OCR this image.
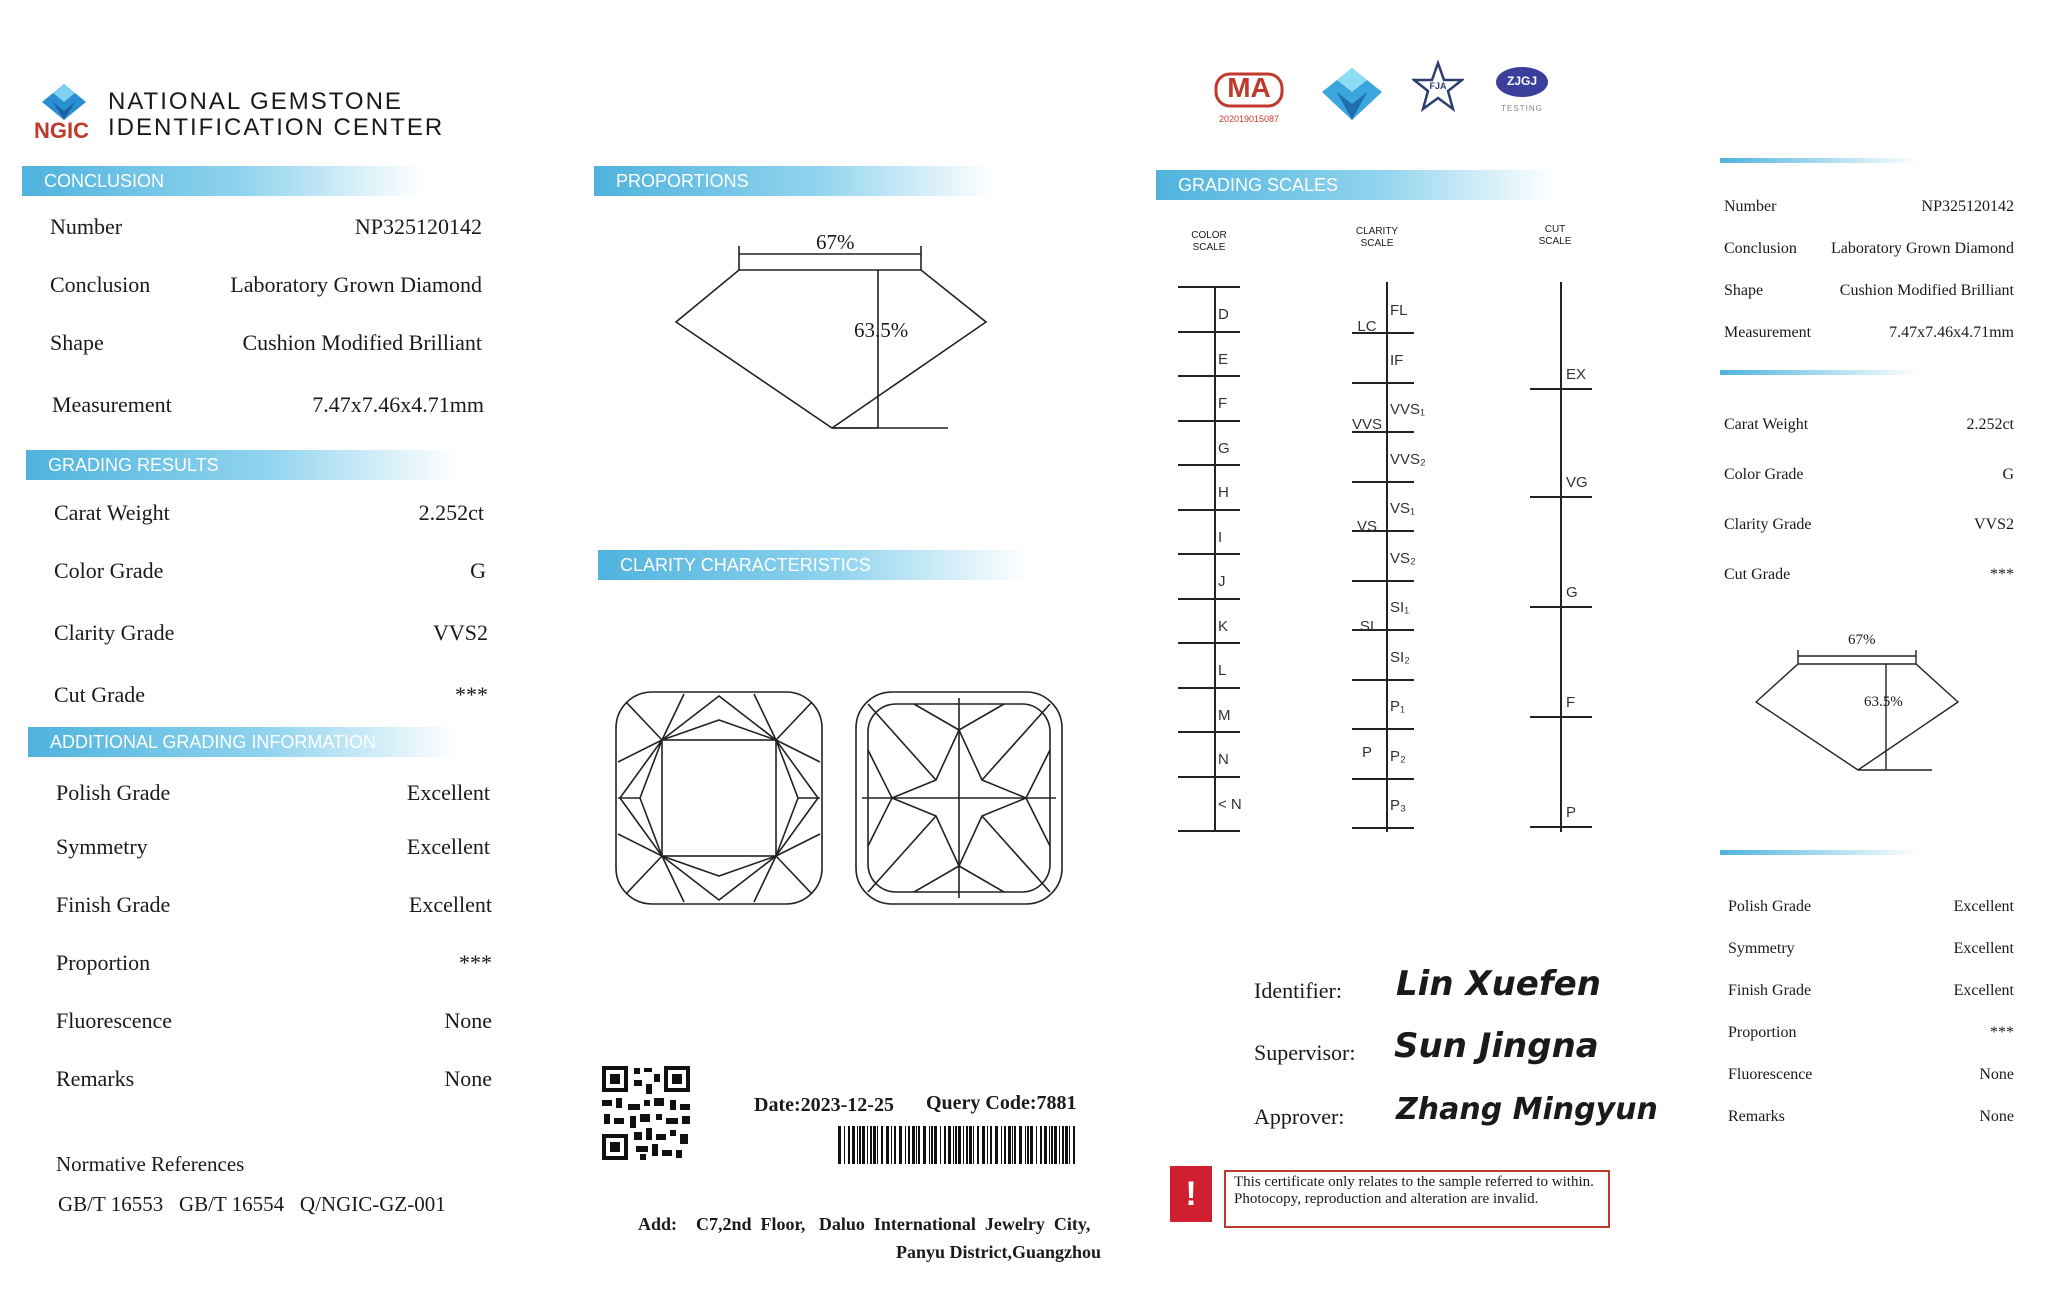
NGIC
NATIONAL GEMSTONE
IDENTIFICATION CENTER
MA
202019015087
FJA	ZJGJ
TESTING
CONCLUSION
Number	NP325120142
Conclusion	Laboratory Grown Diamond
Shape	Cushion Modified Brilliant
Measurement	7.47x7.46x4.71mm
GRADING RESULTS
Carat Weight	2.252ct
Color Grade	G
Clarity Grade	VVS2
Cut Grade	***
ADDITIONAL GRADING INFORMATION
Polish Grade	Excellent
Symmetry	Excellent
Finish Grade	Excellent
Proportion	***
Fluorescence	None
Remarks	None
Normative References
GB/T 16553   GB/T 16554   Q/NGIC-GZ-001
PROPORTIONS
67%
63.5%
CLARITY CHARACTERISTICS
Date:2023-12-25 Query Code:7881
Add: C7,2nd  Floor,   Daluo  International  Jewelry  City,
Panyu District,Guangzhou
GRADING SCALES
COLOR
SCALE
CLARITY
SCALE
CUT
SCALE
D
E
F
G
H
I
J
K
L
M
N
< N
FL
IF
VVS₁
VVS₂
VS₁
VS₂
SI₁
SI₂
P₁
P₂
P₃
LC
VVS
VS
SI
P
EX
VG
G
F
P
Identifier: Lin Xuefen
Supervisor: Sun Jingna
Approver: Zhang Mingyun
!	This certificate only relates to the sample referred to within. Photocopy, reproduction and alteration are invalid.
Number	NP325120142
Conclusion Laboratory Grown Diamond
Shape	Cushion Modified Brilliant
Measurement	7.47x7.46x4.71mm
Carat Weight	2.252ct
Color Grade	G
Clarity Grade	VVS2
Cut Grade	***
67%
63.5%
Polish Grade	Excellent
Symmetry	Excellent
Finish Grade	Excellent
Proportion	***
Fluorescence	None
Remarks	None
